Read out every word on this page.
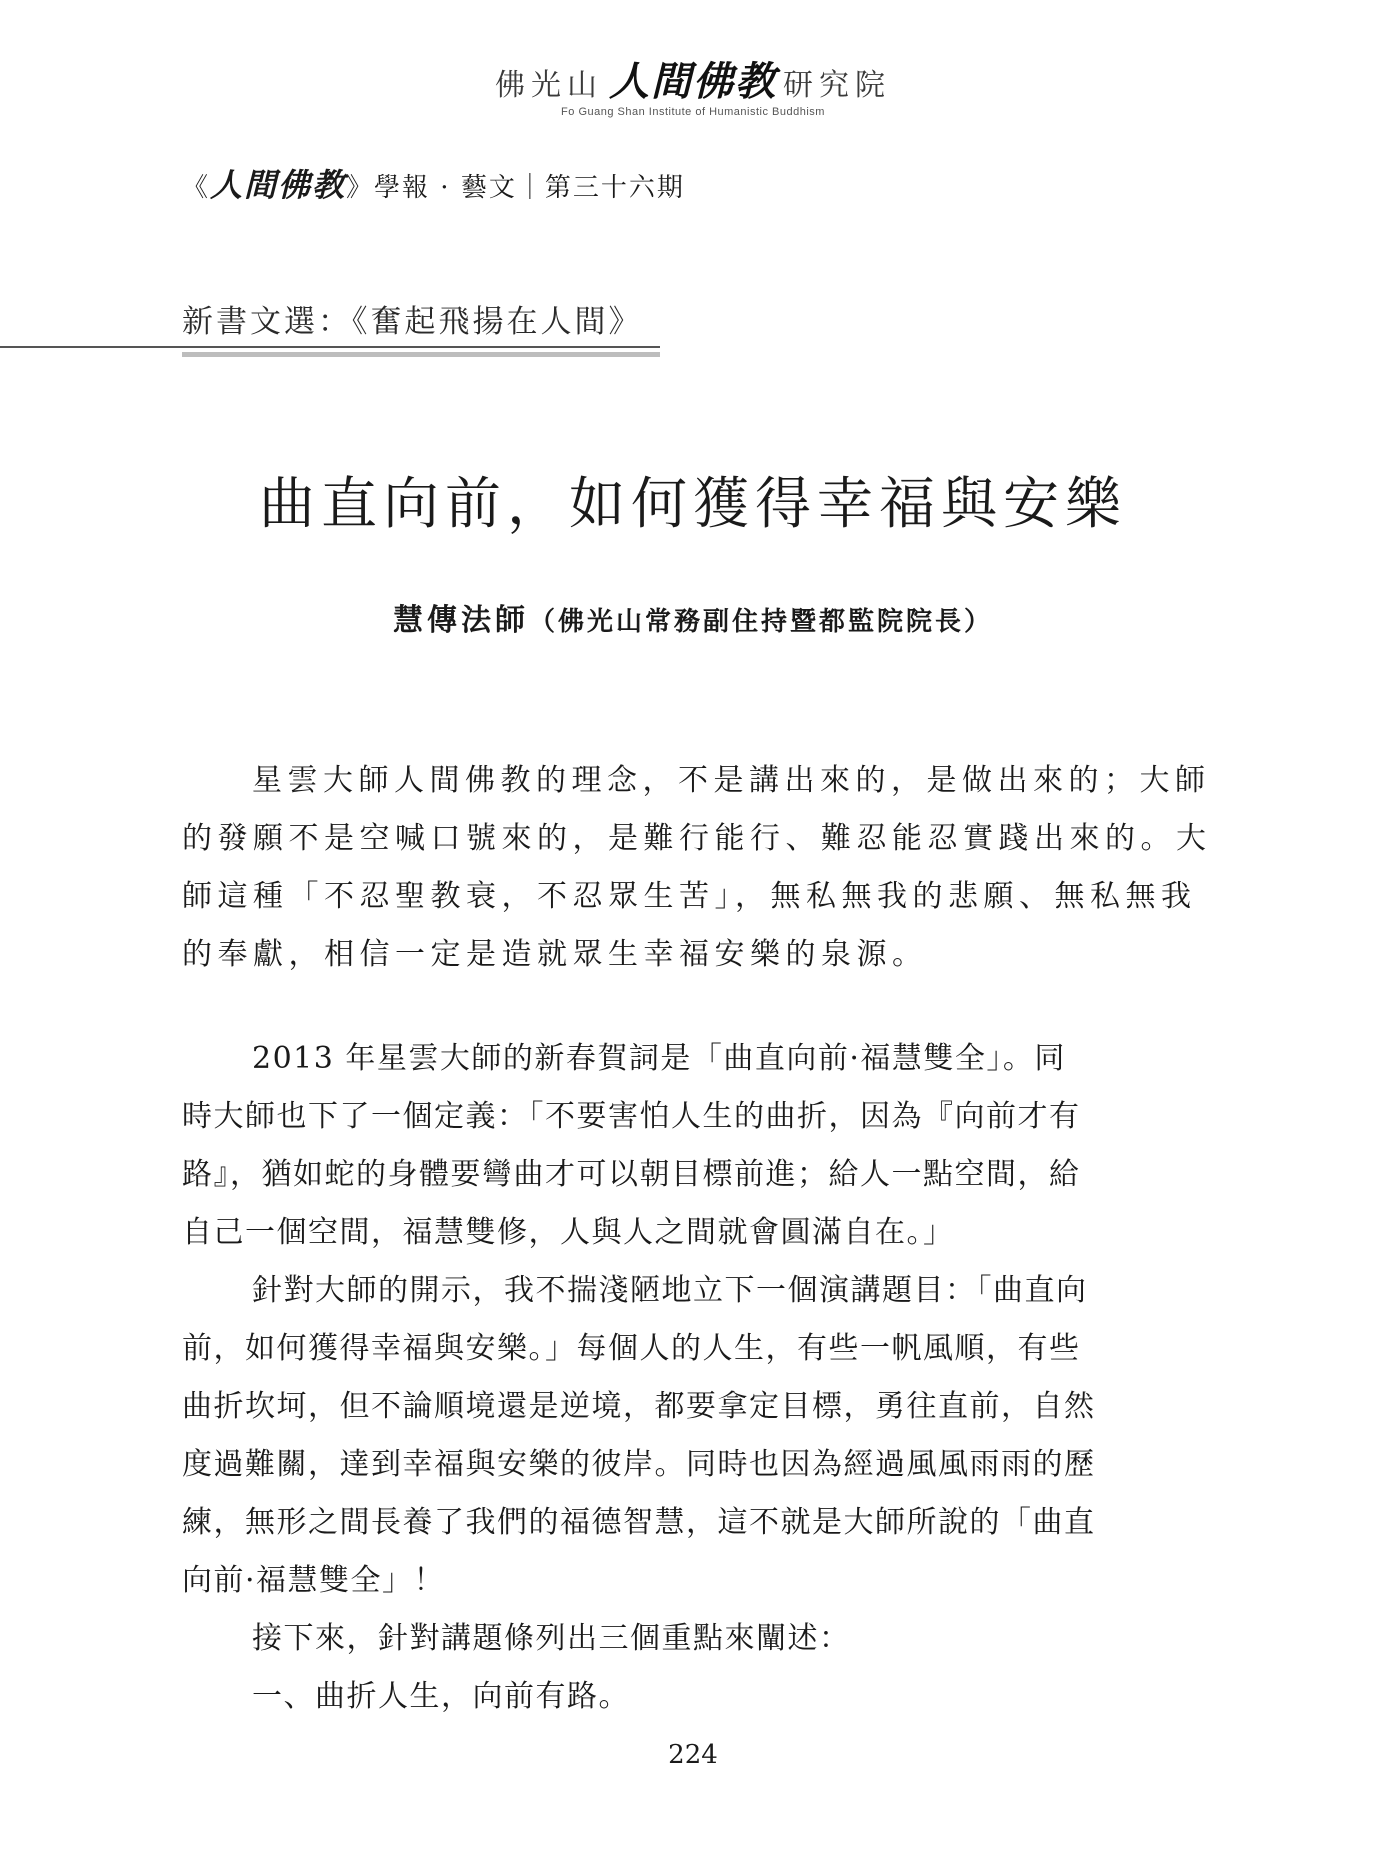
佛光山 人間佛教 研究院
Fo Guang Shan Institute of Humanistic Buddhism
《人間佛教》學報 · 藝文｜第三十六期
新書文選：《奮起飛揚在人間》
曲直向前，如何獲得幸福與安樂
慧傳法師（佛光山常務副住持暨都監院院長）
星雲大師人間佛教的理念，不是講出來的，是做出來的；大師
的發願不是空喊口號來的，是難行能行、難忍能忍實踐出來的。大
師這種「不忍聖教衰，不忍眾生苦」，無私無我的悲願、無私無我
的奉獻，相信一定是造就眾生幸福安樂的泉源。
2013 年星雲大師的新春賀詞是「曲直向前·福慧雙全」。同
時大師也下了一個定義：「不要害怕人生的曲折，因為『向前才有
路』，猶如蛇的身體要彎曲才可以朝目標前進；給人一點空間，給
自己一個空間，福慧雙修，人與人之間就會圓滿自在。」
針對大師的開示，我不揣淺陋地立下一個演講題目：「曲直向
前，如何獲得幸福與安樂。」每個人的人生，有些一帆風順，有些
曲折坎坷，但不論順境還是逆境，都要拿定目標，勇往直前，自然
度過難關，達到幸福與安樂的彼岸。同時也因為經過風風雨雨的歷
練，無形之間長養了我們的福德智慧，這不就是大師所說的「曲直
向前·福慧雙全」！
接下來，針對講題條列出三個重點來闡述：
一、曲折人生，向前有路。
224
